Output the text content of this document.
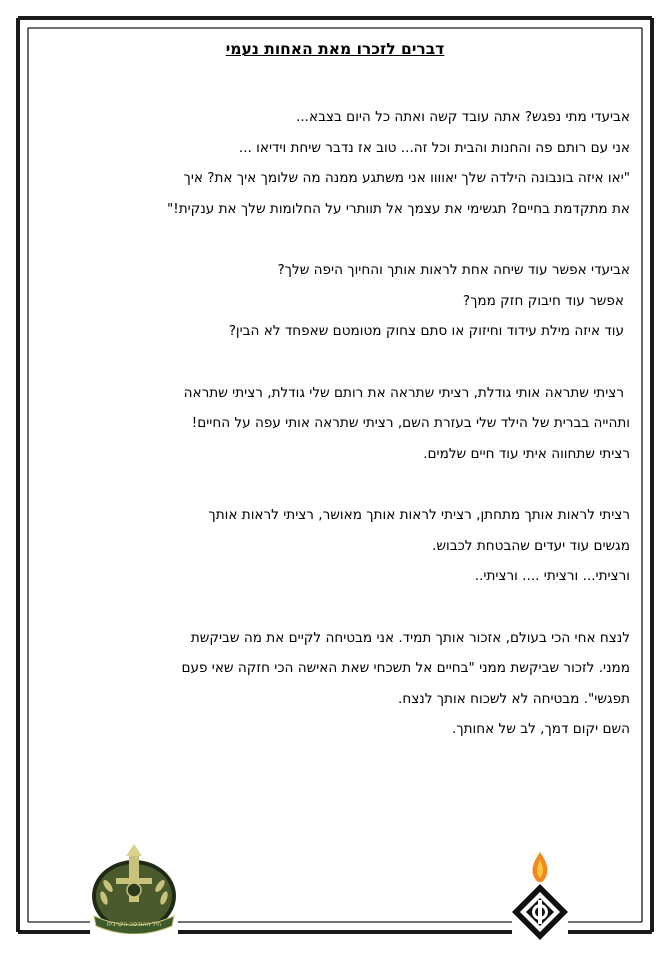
דברים לזכרו מאת האחות נעמי
אביעדי מתי נפגש? אתה עובד קשה ואתה כל היום בצבא...
אני עם רותם פה והחנות והבית וכל זה... טוב אז נדבר שיחת וידיאו ...
"יאו איזה בונבונה הילדה שלך יאוווו אני משתגע ממנה מה שלומך איך את? איך
את מתקדמת בחיים? תגשימי את עצמך אל תוותרי על החלומות שלך את ענקית!"
אביעדי אפשר עוד שיחה אחת לראות אותך והחיוך היפה שלך?
אפשר עוד חיבוק חזק ממך?
עוד איזה מילת עידוד וחיזוק או סתם צחוק מטומטם שאפחד לא הבין?
רציתי שתראה אותי גודלת, רציתי שתראה את רותם שלי גודלת, רציתי שתראה
ותהייה בברית של הילד שלי בעזרת השם, רציתי שתראה אותי עפה על החיים!
רציתי שתחווה איתי עוד חיים שלמים.
רציתי לראות אותך מתחתן, רציתי לראות אותך מאושר, רציתי לראות אותך
מגשים עוד יעדים שהבטחת לכבוש.
ורציתי... ורציתי .... ורציתי..
לנצח אחי הכי בעולם, אזכור אותך תמיד. אני מבטיחה לקיים את מה שביקשת
ממני. לזכור שביקשת ממני "בחיים אל תשכחי שאת האישה הכי חזקה שאי פעם
תפגשי". מבטיחה לא לשכוח אותך לנצח.
השם יקום דמך, לב של אחותך.
חיל ההנדסה הקרבית
